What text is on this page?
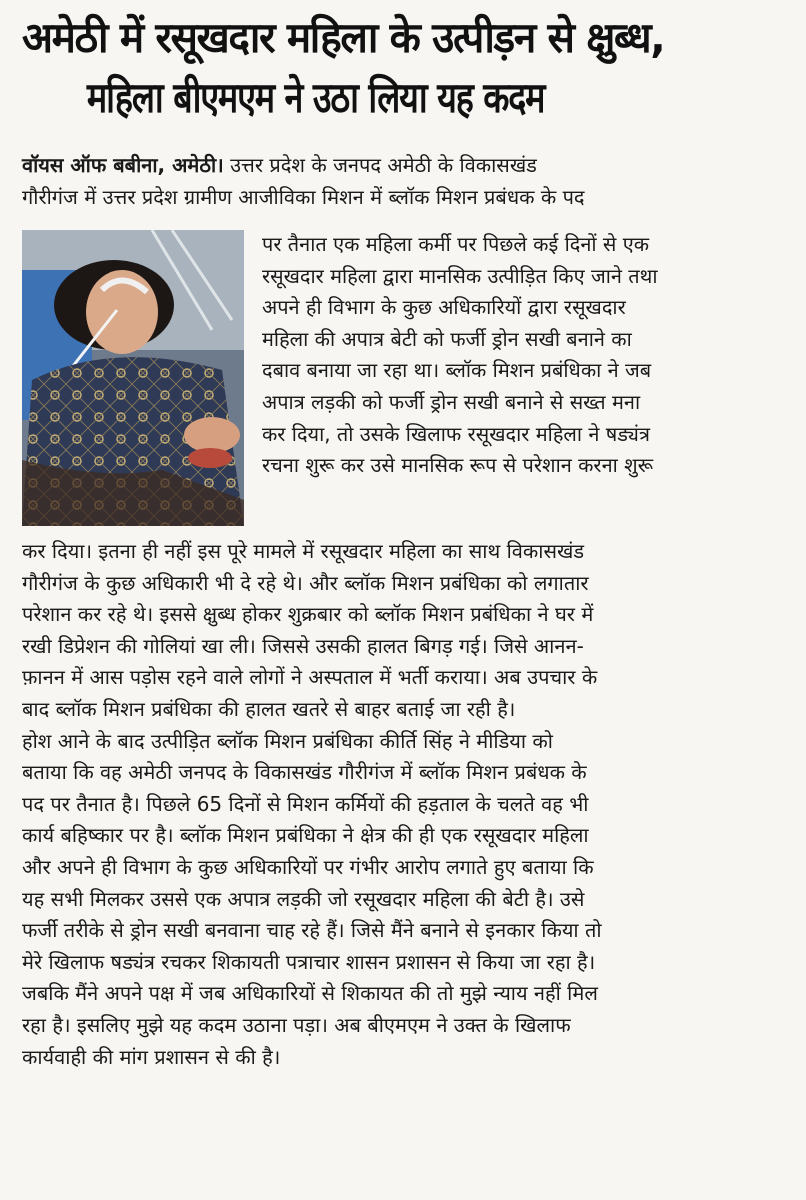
अमेठी में रसूखदार महिला के उत्पीड़न से क्षुब्ध,
महिला बीएमएम ने उठा लिया यह कदम
वॉयस ऑफ बबीना, अमेठी। उत्तर प्रदेश के जनपद अमेठी के विकासखंड
गौरीगंज में उत्तर प्रदेश ग्रामीण आजीविका मिशन में ब्लॉक मिशन प्रबंधक के पद
पर तैनात एक महिला कर्मी पर पिछले कई दिनों से एक
रसूखदार महिला द्वारा मानसिक उत्पीड़ित किए जाने तथा
अपने ही विभाग के कुछ अधिकारियों द्वारा रसूखदार
महिला की अपात्र बेटी को फर्जी ड्रोन सखी बनाने का
दबाव बनाया जा रहा था। ब्लॉक मिशन प्रबंधिका ने जब
अपात्र लड़की को फर्जी ड्रोन सखी बनाने से सख्त मना
कर दिया, तो उसके खिलाफ रसूखदार महिला ने षड्यंत्र
रचना शुरू कर उसे मानसिक रूप से परेशान करना शुरू
कर दिया। इतना ही नहीं इस पूरे मामले में रसूखदार महिला का साथ विकासखंड
गौरीगंज के कुछ अधिकारी भी दे रहे थे। और ब्लॉक मिशन प्रबंधिका को लगातार
परेशान कर रहे थे। इससे क्षुब्ध होकर शुक्रबार को ब्लॉक मिशन प्रबंधिका ने घर में
रखी डिप्रेशन की गोलियां खा ली। जिससे उसकी हालत बिगड़ गई। जिसे आनन-
फ़ानन में आस पड़ोस रहने वाले लोगों ने अस्पताल में भर्ती कराया। अब उपचार के
बाद ब्लॉक मिशन प्रबंधिका की हालत खतरे से बाहर बताई जा रही है।
होश आने के बाद उत्पीड़ित ब्लॉक मिशन प्रबंधिका कीर्ति सिंह ने मीडिया को
बताया कि वह अमेठी जनपद के विकासखंड गौरीगंज में ब्लॉक मिशन प्रबंधक के
पद पर तैनात है। पिछले 65 दिनों से मिशन कर्मियों की हड़ताल के चलते वह भी
कार्य बहिष्कार पर है। ब्लॉक मिशन प्रबंधिका ने क्षेत्र की ही एक रसूखदार महिला
और अपने ही विभाग के कुछ अधिकारियों पर गंभीर आरोप लगाते हुए बताया कि
यह सभी मिलकर उससे एक अपात्र लड़की जो रसूखदार महिला की बेटी है। उसे
फर्जी तरीके से ड्रोन सखी बनवाना चाह रहे हैं। जिसे मैंने बनाने से इनकार किया तो
मेरे खिलाफ षड्यंत्र रचकर शिकायती पत्राचार शासन प्रशासन से किया जा रहा है।
जबकि मैंने अपने पक्ष में जब अधिकारियों से शिकायत की तो मुझे न्याय नहीं मिल
रहा है। इसलिए मुझे यह कदम उठाना पड़ा। अब बीएमएम ने उक्त के खिलाफ
कार्यवाही की मांग प्रशासन से की है।
